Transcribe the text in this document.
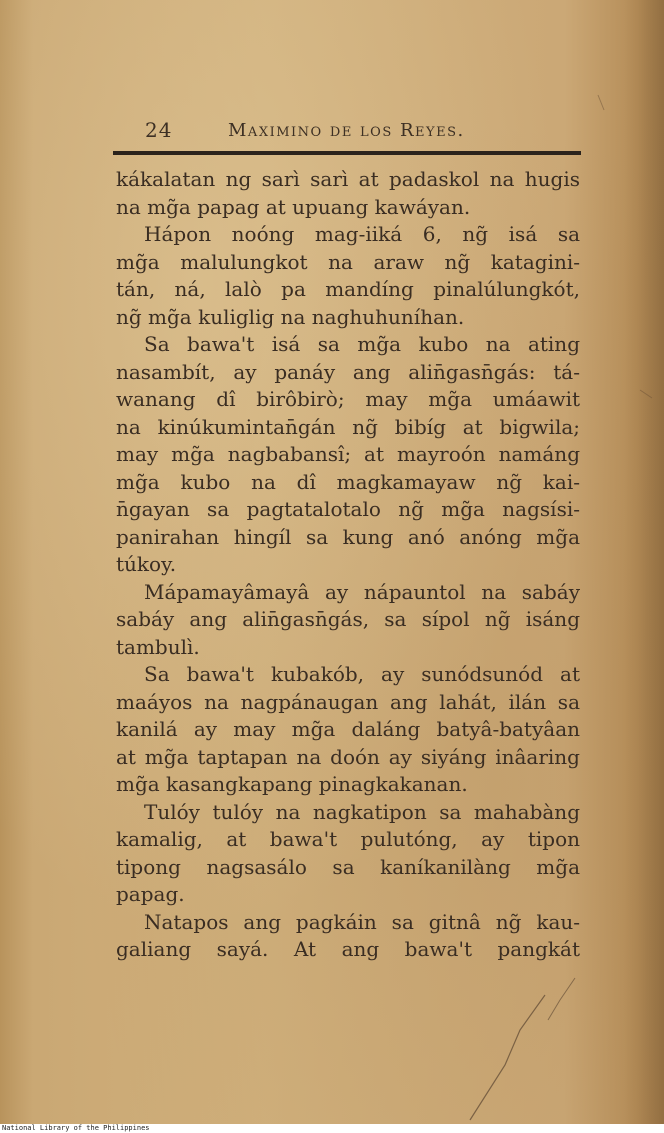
24	Maximino de los Reyes.
kákalatan ng sarì sarì at padaskol na hugis
na mg̃a papag at upuang kawáyan.
Hápon noóng mag-iiká 6, ng̃ isá sa
mg̃a malulungkot na araw ng̃ katagini-
tán, ná, lalò pa mandíng pinalúlungkót,
ng̃ mg̃a kuliglig na naghuhuníhan.
Sa bawa't isá sa mg̃a kubo na ating
nasambít, ay panáy ang alin̄gasn̄gás: tá-
wanang dî birôbirò; may mg̃a umáawit
na kinúkumintan̄gán ng̃ bibíg at bigwila;
may mg̃a nagbabansî; at mayroón namáng
mg̃a kubo na dî magkamayaw ng̃ kai-
n̄gayan sa pagtatalotalo ng̃ mg̃a nagsísi-
panirahan hingíl sa kung anó anóng mg̃a
túkoy.
Mápamayâmayâ ay nápauntol na sabáy
sabáy ang alin̄gasn̄gás, sa sípol ng̃ isáng
tambulì.
Sa bawa't kubakób, ay sunódsunód at
maáyos na nagpánaugan ang lahát, ilán sa
kanilá ay may mg̃a daláng batyâ-batyâan
at mg̃a taptapan na doón ay siyáng inâaring
mg̃a kasangkapang pinagkakanan.
Tulóy tulóy na nagkatipon sa mahabàng
kamalig, at bawa't pulutóng, ay tipon
tipong nagsasálo sa kaníkanilàng mg̃a
papag.
Natapos ang pagkáin sa gitnâ ng̃ kau-
galiang sayá. At ang bawa't pangkát
National Library of the Philippines
